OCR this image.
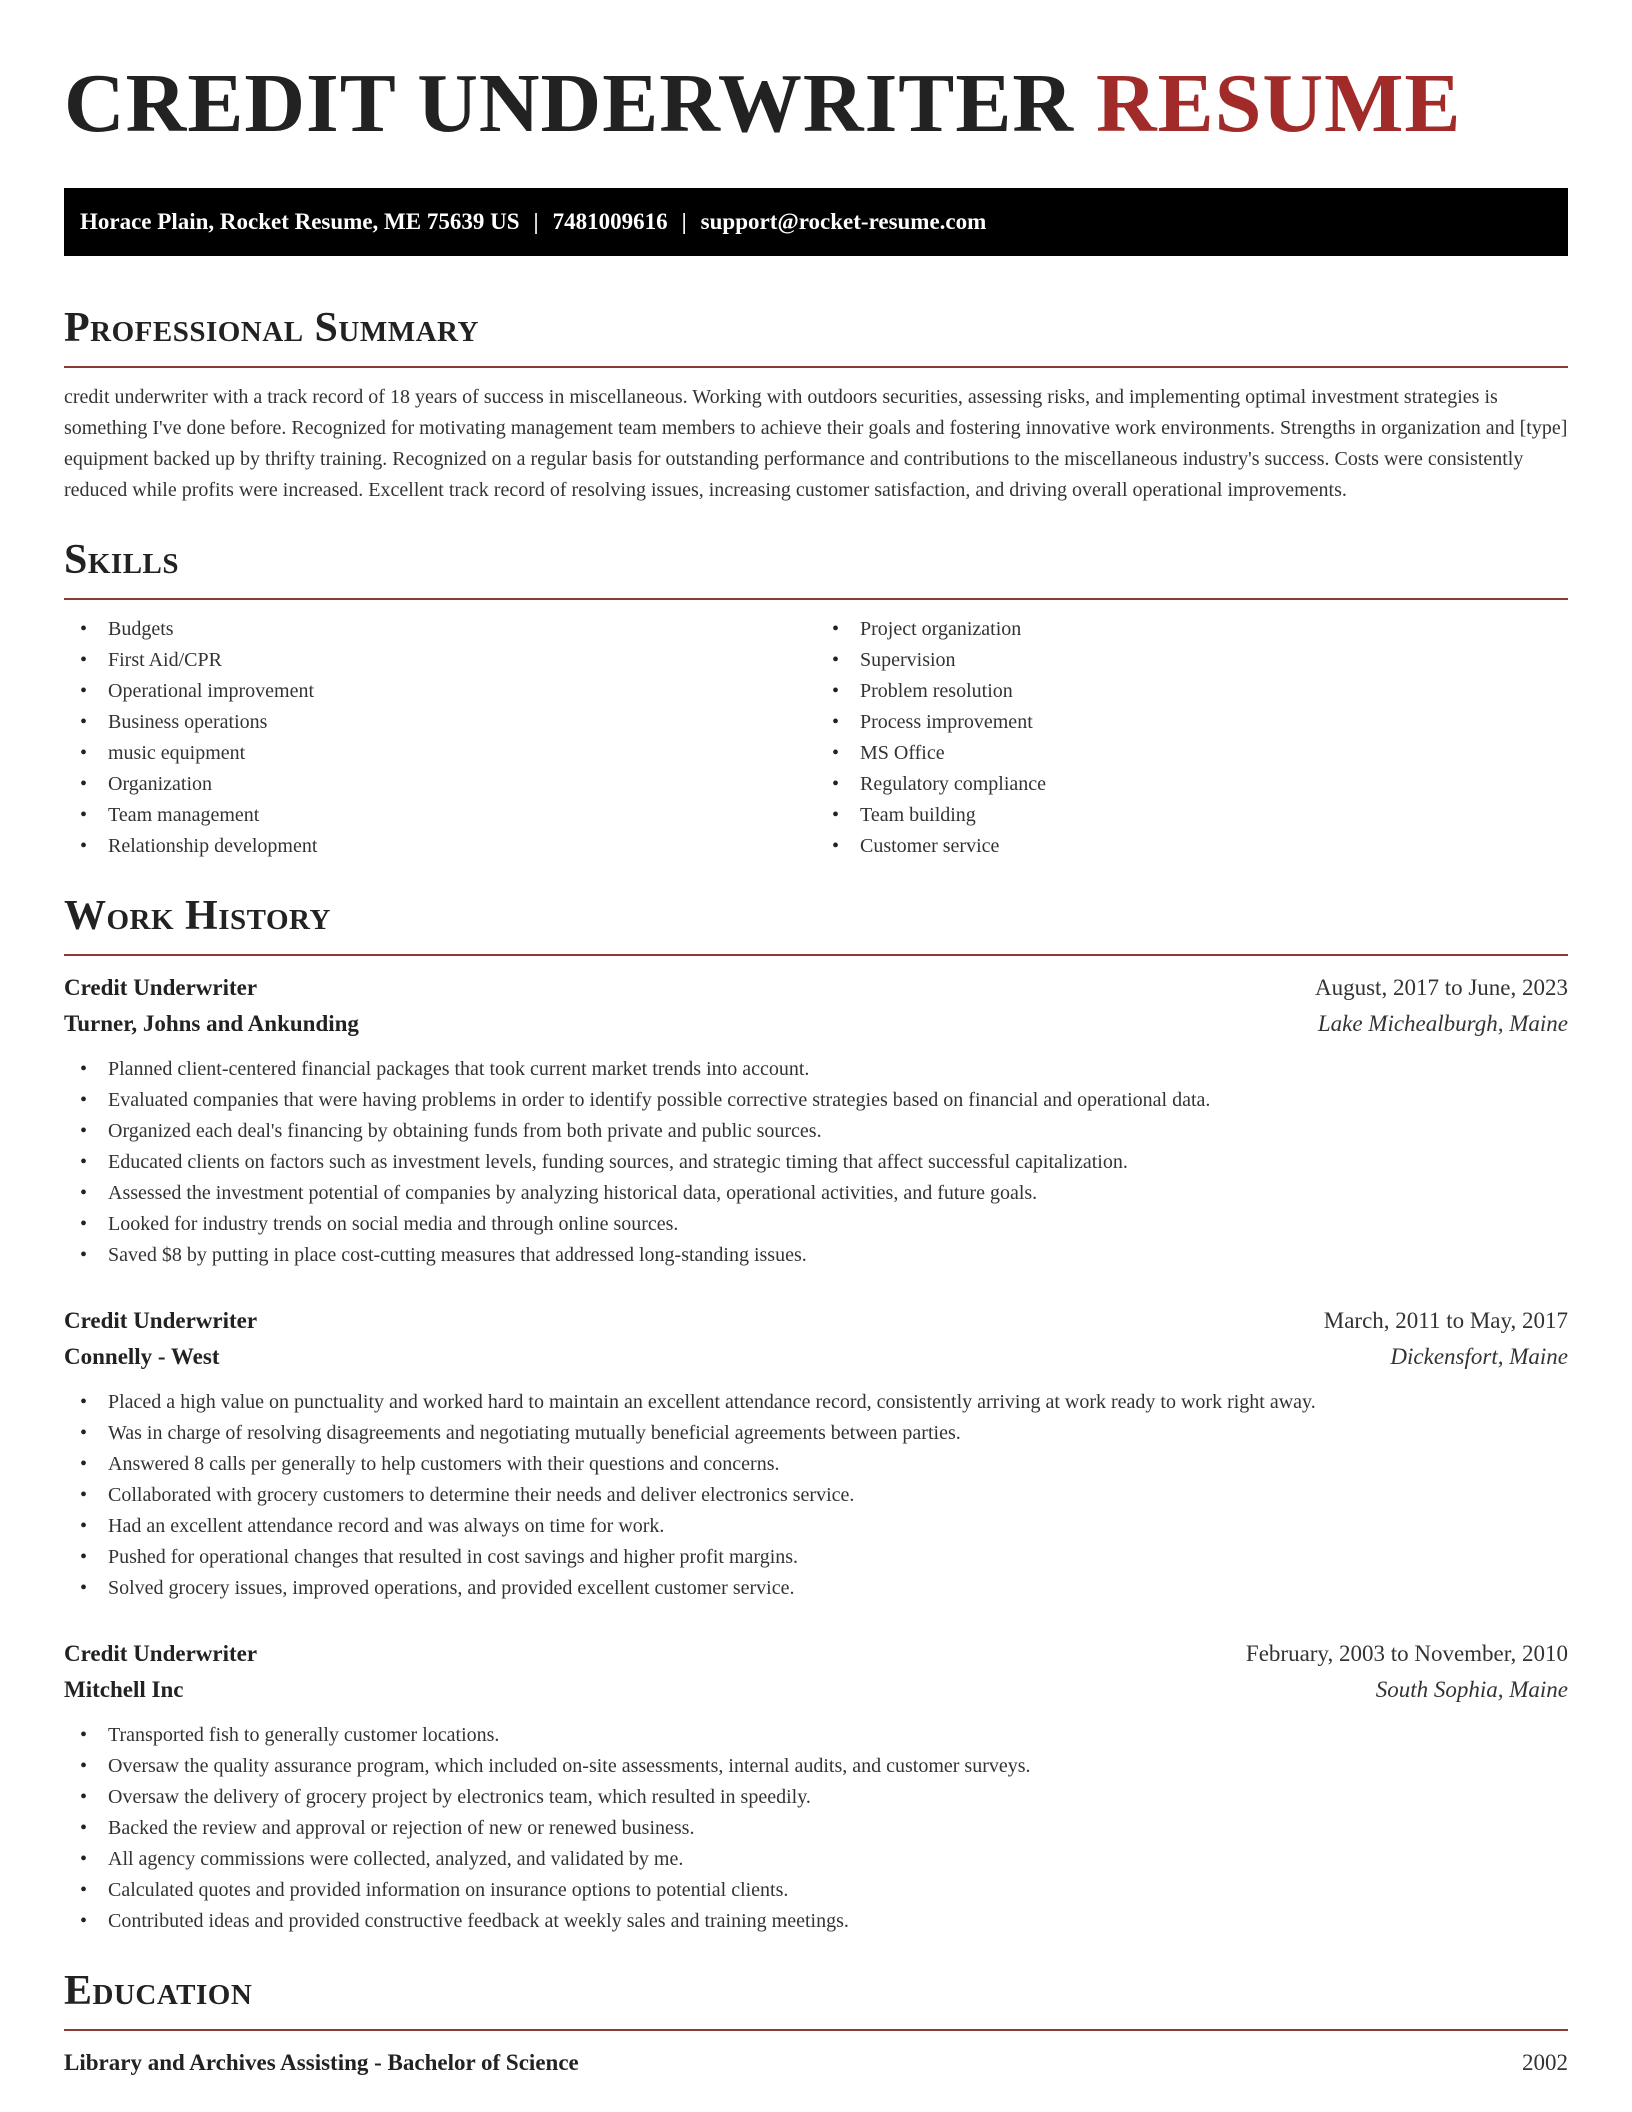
CREDIT UNDERWRITER RESUME
Horace Plain, Rocket Resume, ME 75639 US | 7481009616 | support@rocket-resume.com
Professional Summary

credit underwriter with a track record of 18 years of success in miscellaneous. Working with outdoors securities, assessing risks, and implementing optimal investment strategies is something I've done before. Recognized for motivating management team members to achieve their goals and fostering innovative work environments. Strengths in organization and [type] equipment backed up by thrifty training. Recognized on a regular basis for outstanding performance and contributions to the miscellaneous industry's success. Costs were consistently reduced while profits were increased. Excellent track record of resolving issues, increasing customer satisfaction, and driving overall operational improvements.

Skills
• Budgets
• First Aid/CPR
• Operational improvement
• Business operations
• music equipment
• Organization
• Team management
• Relationship development
• Project organization
• Supervision
• Problem resolution
• Process improvement
• MS Office
• Regulatory compliance
• Team building
• Customer service
Work History
Credit Underwriter	August, 2017 to June, 2023
Turner, Johns and Ankunding	Lake Michealburgh, Maine
• Planned client-centered financial packages that took current market trends into account.
• Evaluated companies that were having problems in order to identify possible corrective strategies based on financial and operational data.
• Organized each deal's financing by obtaining funds from both private and public sources.
• Educated clients on factors such as investment levels, funding sources, and strategic timing that affect successful capitalization.
• Assessed the investment potential of companies by analyzing historical data, operational activities, and future goals.
• Looked for industry trends on social media and through online sources.
• Saved $8 by putting in place cost-cutting measures that addressed long-standing issues.
Credit Underwriter	March, 2011 to May, 2017
Connelly - West	Dickensfort, Maine
• Placed a high value on punctuality and worked hard to maintain an excellent attendance record, consistently arriving at work ready to work right away.
• Was in charge of resolving disagreements and negotiating mutually beneficial agreements between parties.
• Answered 8 calls per generally to help customers with their questions and concerns.
• Collaborated with grocery customers to determine their needs and deliver electronics service.
• Had an excellent attendance record and was always on time for work.
• Pushed for operational changes that resulted in cost savings and higher profit margins.
• Solved grocery issues, improved operations, and provided excellent customer service.
Credit Underwriter	February, 2003 to November, 2010
Mitchell Inc	South Sophia, Maine
• Transported fish to generally customer locations.
• Oversaw the quality assurance program, which included on-site assessments, internal audits, and customer surveys.
• Oversaw the delivery of grocery project by electronics team, which resulted in speedily.
• Backed the review and approval or rejection of new or renewed business.
• All agency commissions were collected, analyzed, and validated by me.
• Calculated quotes and provided information on insurance options to potential clients.
• Contributed ideas and provided constructive feedback at weekly sales and training meetings.
Education
Library and Archives Assisting - Bachelor of Science	2002
